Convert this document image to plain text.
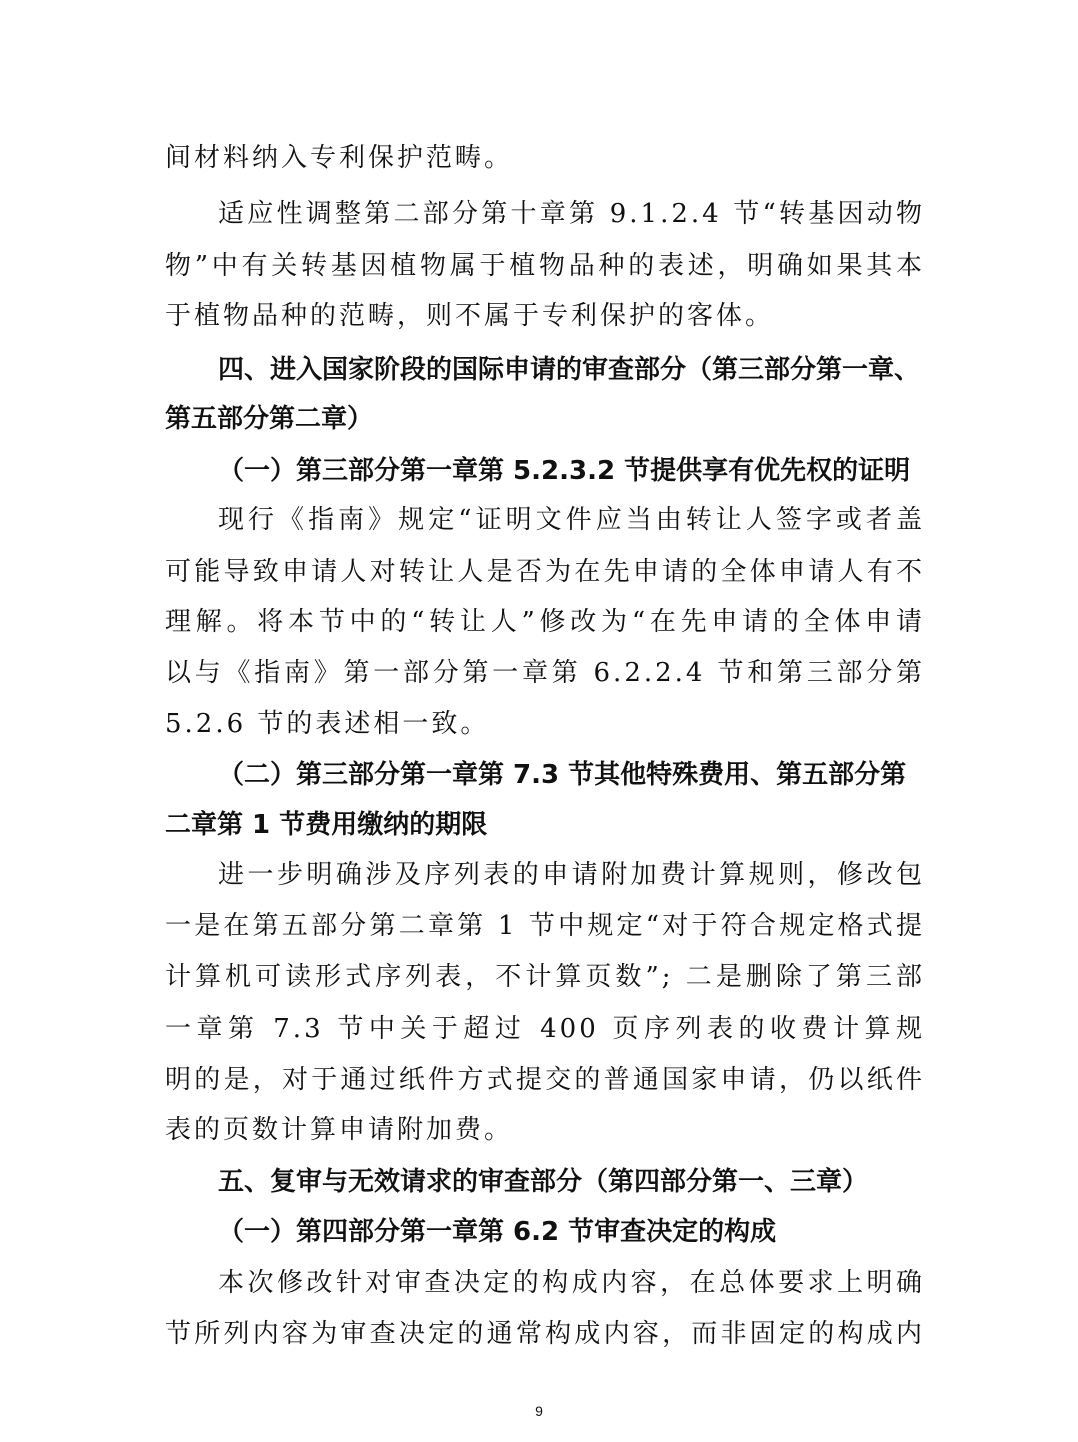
间材料纳入专利保护范畴。
适应性调整第二部分第十章第 9.1.2.4 节“转基因动物
物”中有关转基因植物属于植物品种的表述，明确如果其本
于植物品种的范畴，则不属于专利保护的客体。
四、进入国家阶段的国际申请的审查部分（第三部分第一章、
第五部分第二章）
（一）第三部分第一章第 5.2.3.2 节提供享有优先权的证明
现行《指南》规定“证明文件应当由转让人签字或者盖
可能导致申请人对转让人是否为在先申请的全体申请人有不
理解。将本节中的“转让人”修改为“在先申请的全体申请
以与《指南》第一部分第一章第 6.2.2.4 节和第三部分第
5.2.6 节的表述相一致。
（二）第三部分第一章第 7.3 节其他特殊费用、第五部分第
二章第 1 节费用缴纳的期限
进一步明确涉及序列表的申请附加费计算规则，修改包
一是在第五部分第二章第 1 节中规定“对于符合规定格式提
计算机可读形式序列表，不计算页数”; 二是删除了第三部
一章第 7.3 节中关于超过 400 页序列表的收费计算规
明的是，对于通过纸件方式提交的普通国家申请，仍以纸件
表的页数计算申请附加费。
五、复审与无效请求的审查部分（第四部分第一、三章）
（一）第四部分第一章第 6.2 节审查决定的构成
本次修改针对审查决定的构成内容，在总体要求上明确
节所列内容为审查决定的通常构成内容，而非固定的构成内
9
